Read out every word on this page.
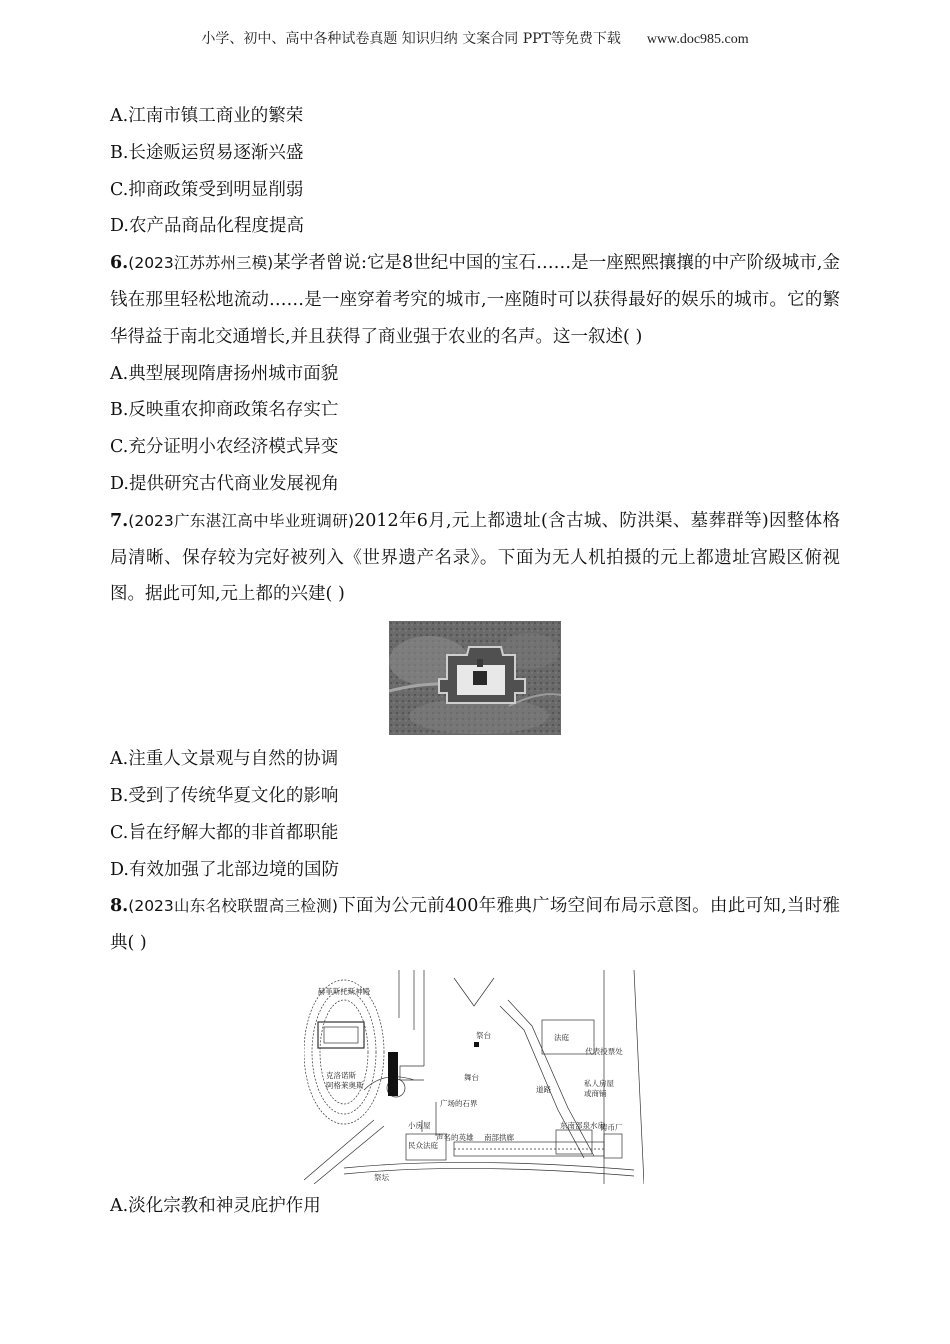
小学、初中、高中各种试卷真题 知识归纳 文案合同 PPT等免费下载 www.doc985.com
A.江南市镇工商业的繁荣
B.长途贩运贸易逐渐兴盛
C.抑商政策受到明显削弱
D.农产品商品化程度提高
6.(2023江苏苏州三模)某学者曾说:它是8世纪中国的宝石……是一座熙熙攘攘的中产阶级城市,金钱在那里轻松地流动……是一座穿着考究的城市,一座随时可以获得最好的娱乐的城市。它的繁华得益于南北交通增长,并且获得了商业强于农业的名声。这一叙述( )
A.典型展现隋唐扬州城市面貌
B.反映重农抑商政策名存实亡
C.充分证明小农经济模式异变
D.提供研究古代商业发展视角
7.(2023广东湛江高中毕业班调研)2012年6月,元上都遗址(含古城、防洪渠、墓葬群等)因整体格局清晰、保存较为完好被列入《世界遗产名录》。下面为无人机拍摄的元上都遗址宫殿区俯视图。据此可知,元上都的兴建( )
A.注重人文景观与自然的协调
B.受到了传统华夏文化的影响
C.旨在纾解大都的非首都职能
D.有效加强了北部边境的国防
8.(2023山东名校联盟高三检测)下面为公元前400年雅典广场空间布局示意图。由此可知,当时雅典( )
赫菲斯托斯神殿
克洛诺斯
阿格莱奥斯
舞台
法庭
代表投票处
私人房屋
或商铺
广场的石界
小房屋
声名的英雄
民众法庭
南部拱廊
东南部泉水房
铸币厂
祭坛
道路
祭台
A.淡化宗教和神灵庇护作用
